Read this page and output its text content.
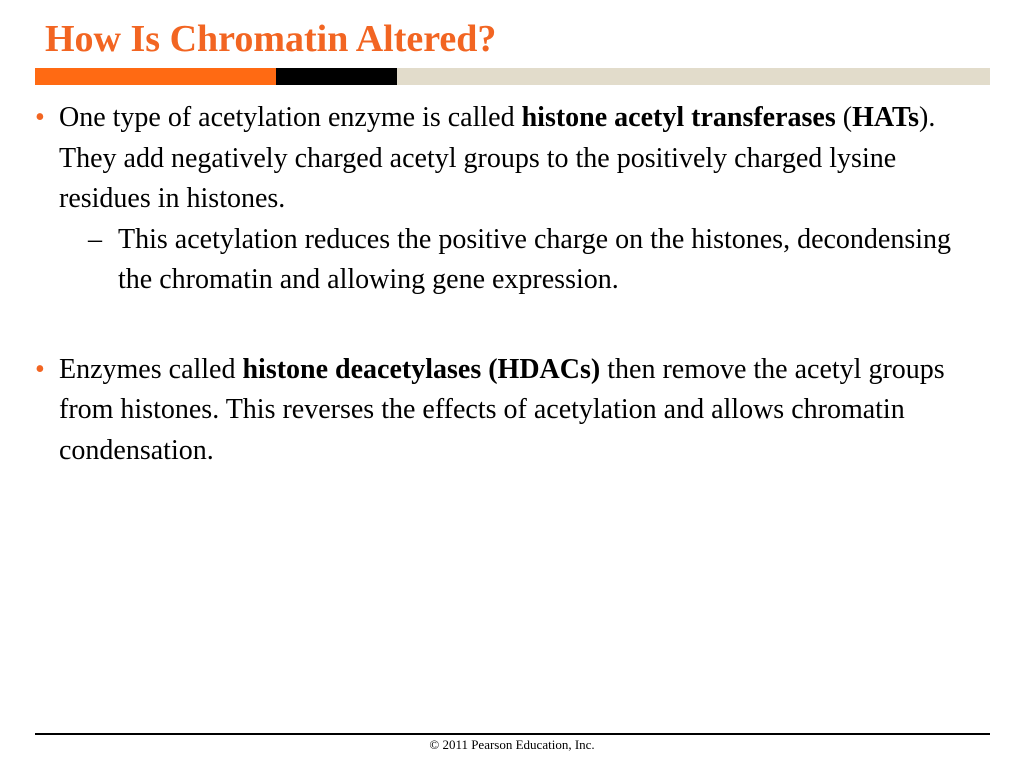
How Is Chromatin Altered?
• One type of acetylation enzyme is called histone acetyl transferases (HATs). They add negatively charged acetyl groups to the positively charged lysine residues in histones.
– This acetylation reduces the positive charge on the histones, decondensing the chromatin and allowing gene expression.
• Enzymes called histone deacetylases (HDACs) then remove the acetyl groups from histones. This reverses the effects of acetylation and allows chromatin condensation.
© 2011 Pearson Education, Inc.
